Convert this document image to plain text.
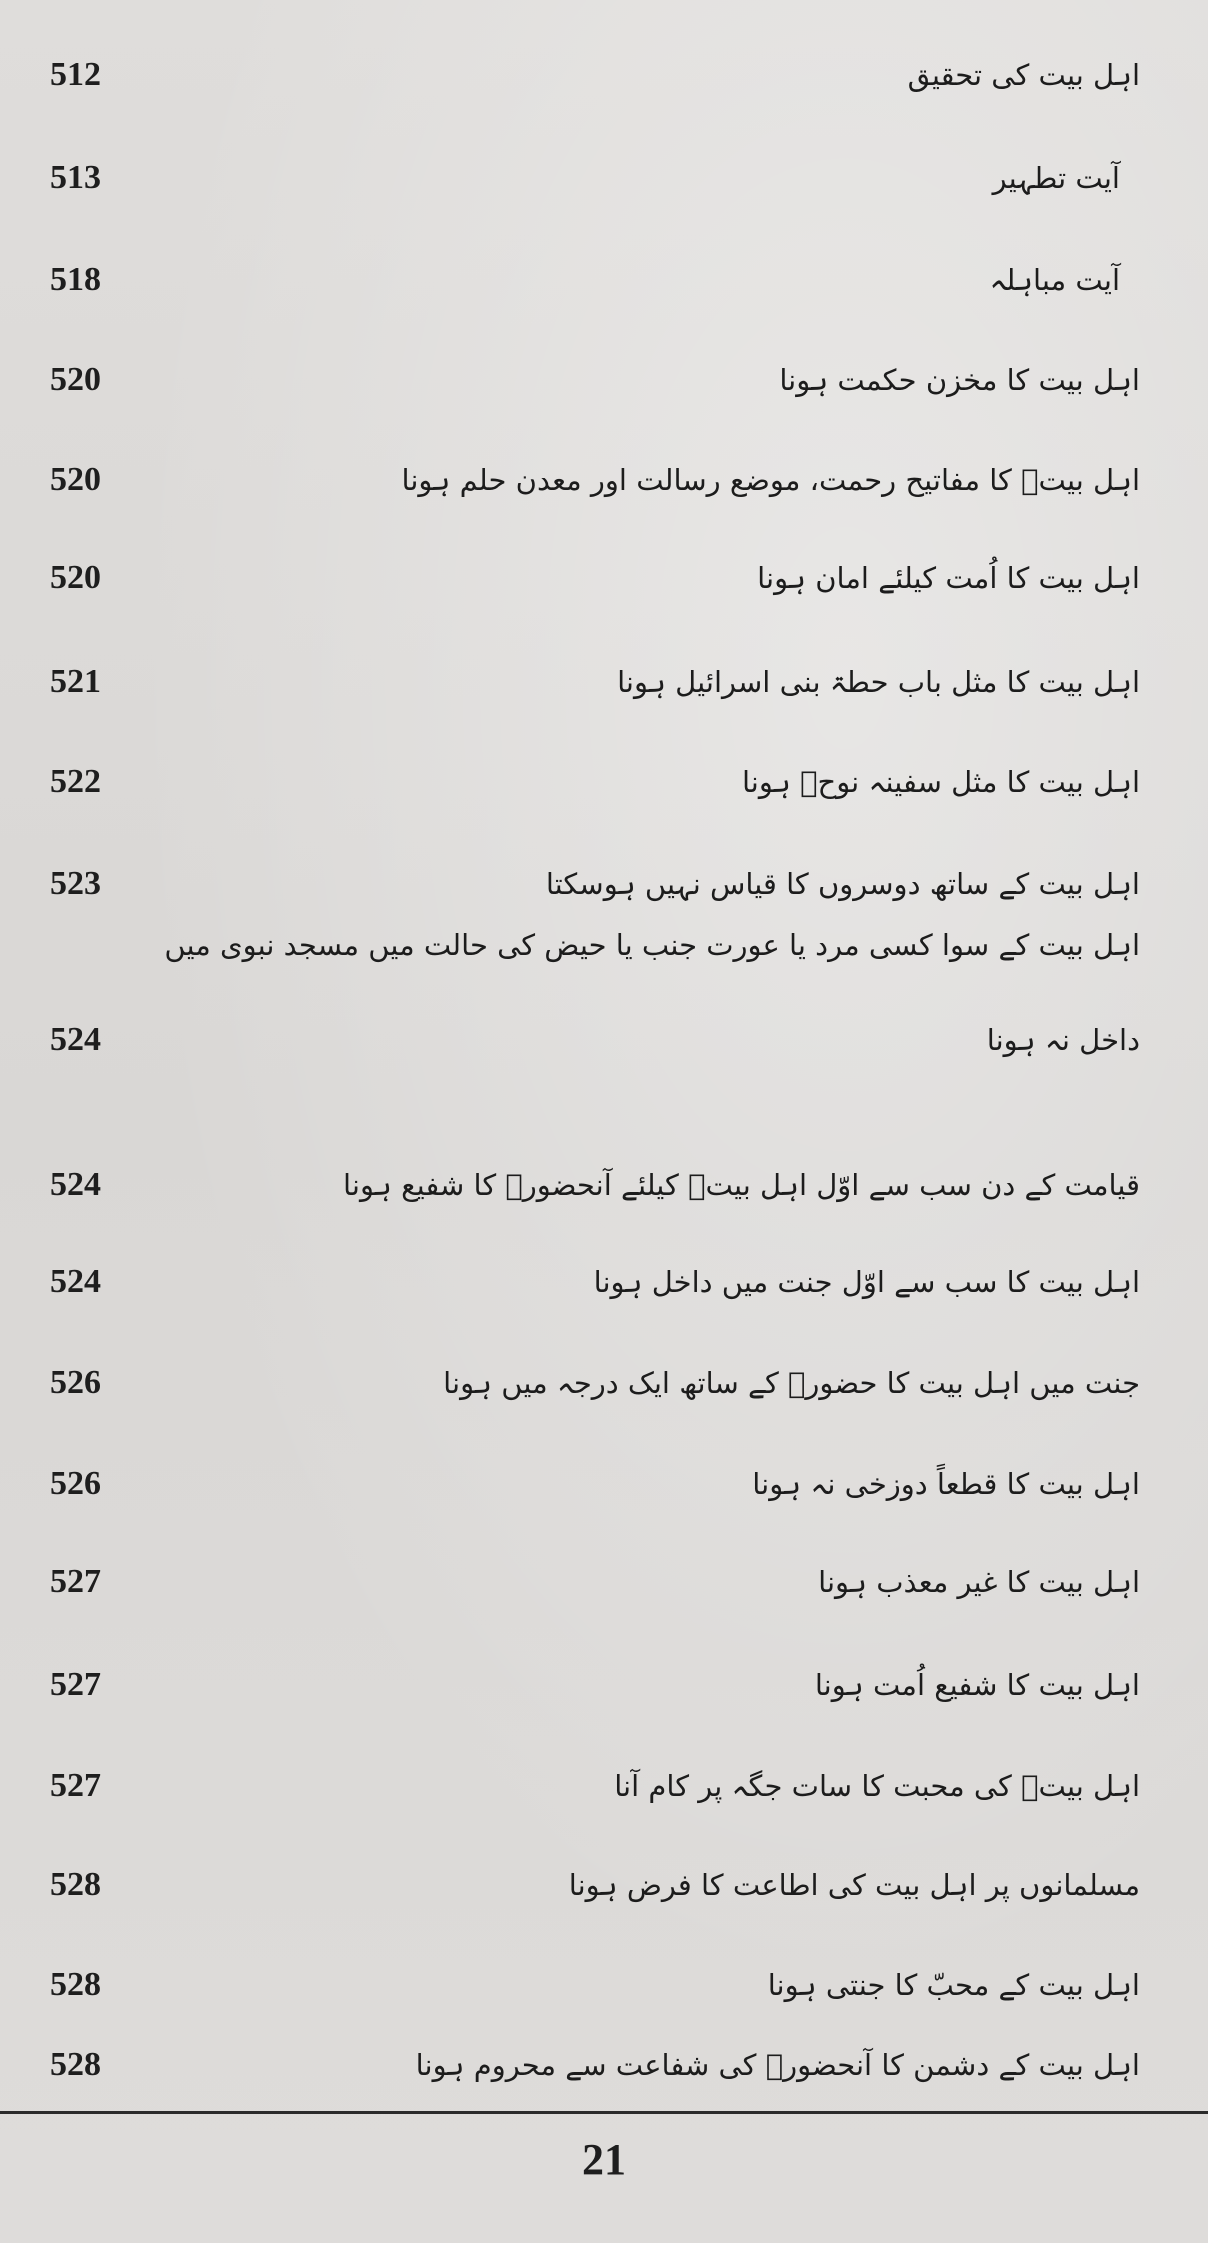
اہل بیت کی تحقیق
512
آیت تطہیر
513
آیت مباہلہ
518
اہل بیت کا مخزن حکمت ہونا
520
اہل بیتؓ کا مفاتیح رحمت، موضع رسالت اور معدن حلم ہونا
520
اہل بیت کا اُمت کیلئے امان ہونا
520
اہل بیت کا مثل باب حطۃ بنی اسرائیل ہونا
521
اہل بیت کا مثل سفینہ نوحؑ ہونا
522
اہل بیت کے ساتھ دوسروں کا قیاس نہیں ہوسکتا
523
اہل بیت کے سوا کسی مرد یا عورت جنب یا حیض کی حالت میں مسجد نبوی میں
داخل نہ ہونا
524
قیامت کے دن سب سے اوّل اہل بیتؓ کیلئے آنحضورؐ کا شفیع ہونا
524
اہل بیت کا سب سے اوّل جنت میں داخل ہونا
524
جنت میں اہل بیت کا حضورؐ کے ساتھ ایک درجہ میں ہونا
526
اہل بیت کا قطعاً دوزخی نہ ہونا
526
اہل بیت کا غیر معذب ہونا
527
اہل بیت کا شفیع اُمت ہونا
527
اہل بیتؓ کی محبت کا سات جگہ پر کام آنا
527
مسلمانوں پر اہل بیت کی اطاعت کا فرض ہونا
528
اہل بیت کے محبّ کا جنتی ہونا
528
اہل بیت کے دشمن کا آنحضورؐ کی شفاعت سے محروم ہونا
528
21
